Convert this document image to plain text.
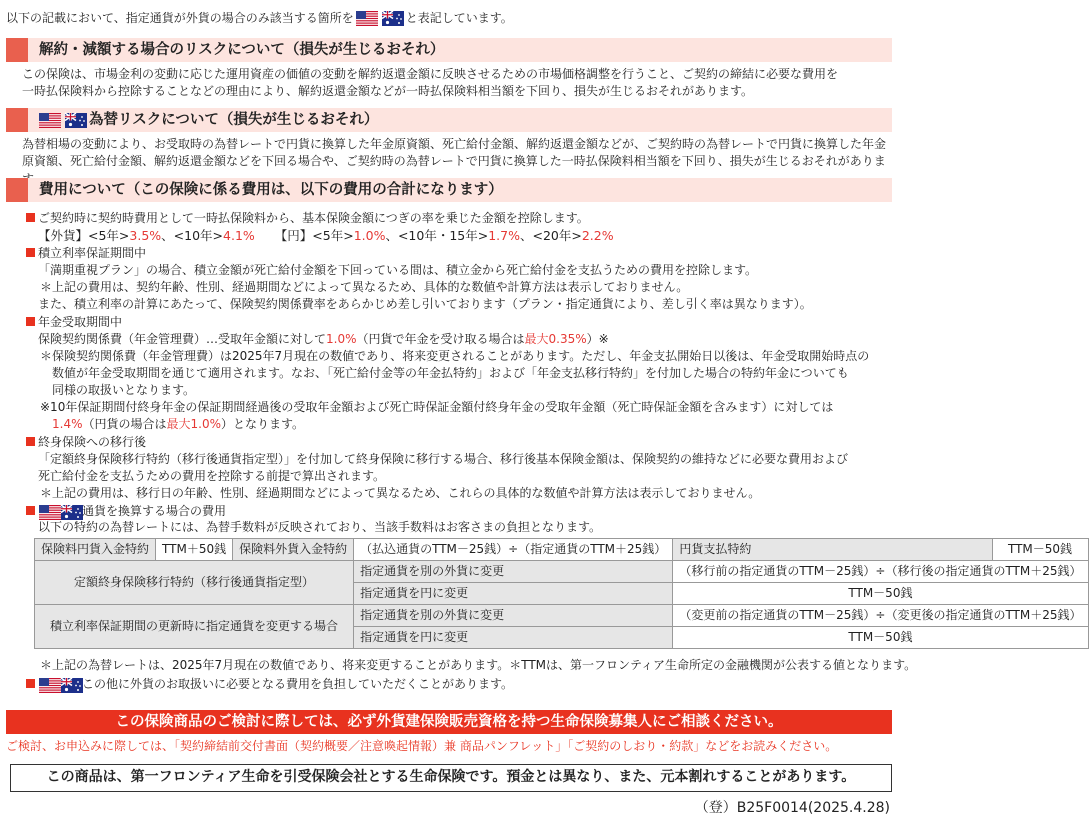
以下の記載において、指定通貨が外貨の場合のみ該当する箇所を	と表記しています。
解約・減額する場合のリスクについて（損失が生じるおそれ）
この保険は、市場金利の変動に応じた運用資産の価値の変動を解約返還金額に反映させるための市場価格調整を行うこと、ご契約の締結に必要な費用を
一時払保険料から控除することなどの理由により、解約返還金額などが一時払保険料相当額を下回り、損失が生じるおそれがあります。
為替リスクについて（損失が生じるおそれ）
為替相場の変動により、お受取時の為替レートで円貨に換算した年金原資額、死亡給付金額、解約返還金額などが、ご契約時の為替レートで円貨に換算した年金
原資額、死亡給付金額、解約返還金額などを下回る場合や、ご契約時の為替レートで円貨に換算した一時払保険料相当額を下回り、損失が生じるおそれがありま
費用について（この保険に係る費用は、以下の費用の合計になります）
ご契約時に契約時費用として一時払保険料から、基本保険金額につぎの率を乗じた金額を控除します。
【外貨】<5年>3.5%、<10年>4.1% 【円】<5年>1.0%、<10年・15年>1.7%、<20年>2.2%
積立利率保証期間中
「満期重視プラン」の場合、積立金額が死亡給付金額を下回っている間は、積立金から死亡給付金を支払うための費用を控除します。
＊上記の費用は、契約年齢、性別、経過期間などによって異なるため、具体的な数値や計算方法は表示しておりません。
また、積立利率の計算にあたって、保険契約関係費率をあらかじめ差し引いております（プラン・指定通貨により、差し引く率は異なります）。
年金受取期間中
保険契約関係費（年金管理費）…受取年金額に対して1.0%（円貨で年金を受け取る場合は最大0.35%）※
＊保険契約関係費（年金管理費）は2025年7月現在の数値であり、将来変更されることがあります。ただし、年金支払開始日以後は、年金受取開始時点の
数値が年金受取期間を通じて適用されます。なお、「死亡給付金等の年金払特約」および「年金支払移行特約」を付加した場合の特約年金についても
同様の取扱いとなります。
※10年保証期間付終身年金の保証期間経過後の受取年金額および死亡時保証金額付終身年金の受取年金額（死亡時保証金額を含みます）に対しては
1.4%（円貨の場合は最大1.0%）となります。
終身保険への移行後
「定額終身保険移行特約（移行後通貨指定型）」を付加して終身保険に移行する場合、移行後基本保険金額は、保険契約の維持などに必要な費用および
死亡給付金を支払うための費用を控除する前提で算出されます。
＊上記の費用は、移行日の年齢、性別、経過期間などによって異なるため、これらの具体的な数値や計算方法は表示しておりません。
通貨を換算する場合の費用
以下の特約の為替レートには、為替手数料が反映されており、当該手数料はお客さまの負担となります。
保険料円貨入金特約	TTM＋50銭	保険料外貨入金特約	（払込通貨のTTM－25銭）÷（指定通貨のTTM＋25銭）	円貨支払特約	TTM－50銭
定額終身保険移行特約（移行後通貨指定型）			指定通貨を別の外貨に変更	（移行前の指定通貨のTTM－25銭）÷（移行後の指定通貨のTTM＋25銭）	
			指定通貨を円に変更	TTM－50銭	
積立利率保証期間の更新時に指定通貨を変更する場合			指定通貨を別の外貨に変更	（変更前の指定通貨のTTM－25銭）÷（変更後の指定通貨のTTM＋25銭）	
			指定通貨を円に変更	TTM－50銭	
＊上記の為替レートは、2025年7月現在の数値であり、将来変更することがあります。＊TTMは、第一フロンティア生命所定の金融機関が公表する値となります。
この他に外貨のお取扱いに必要となる費用を負担していただくことがあります。
この保険商品のご検討に際しては、必ず外貨建保険販売資格を持つ生命保険募集人にご相談ください。
ご検討、お申込みに際しては、「契約締結前交付書面（契約概要／注意喚起情報）兼 商品パンフレット」「ご契約のしおり・約款」などをお読みください。
この商品は、第一フロンティア生命を引受保険会社とする生命保険です。預金とは異なり、また、元本割れすることがあります。
（登）B25F0014(2025.4.28)
